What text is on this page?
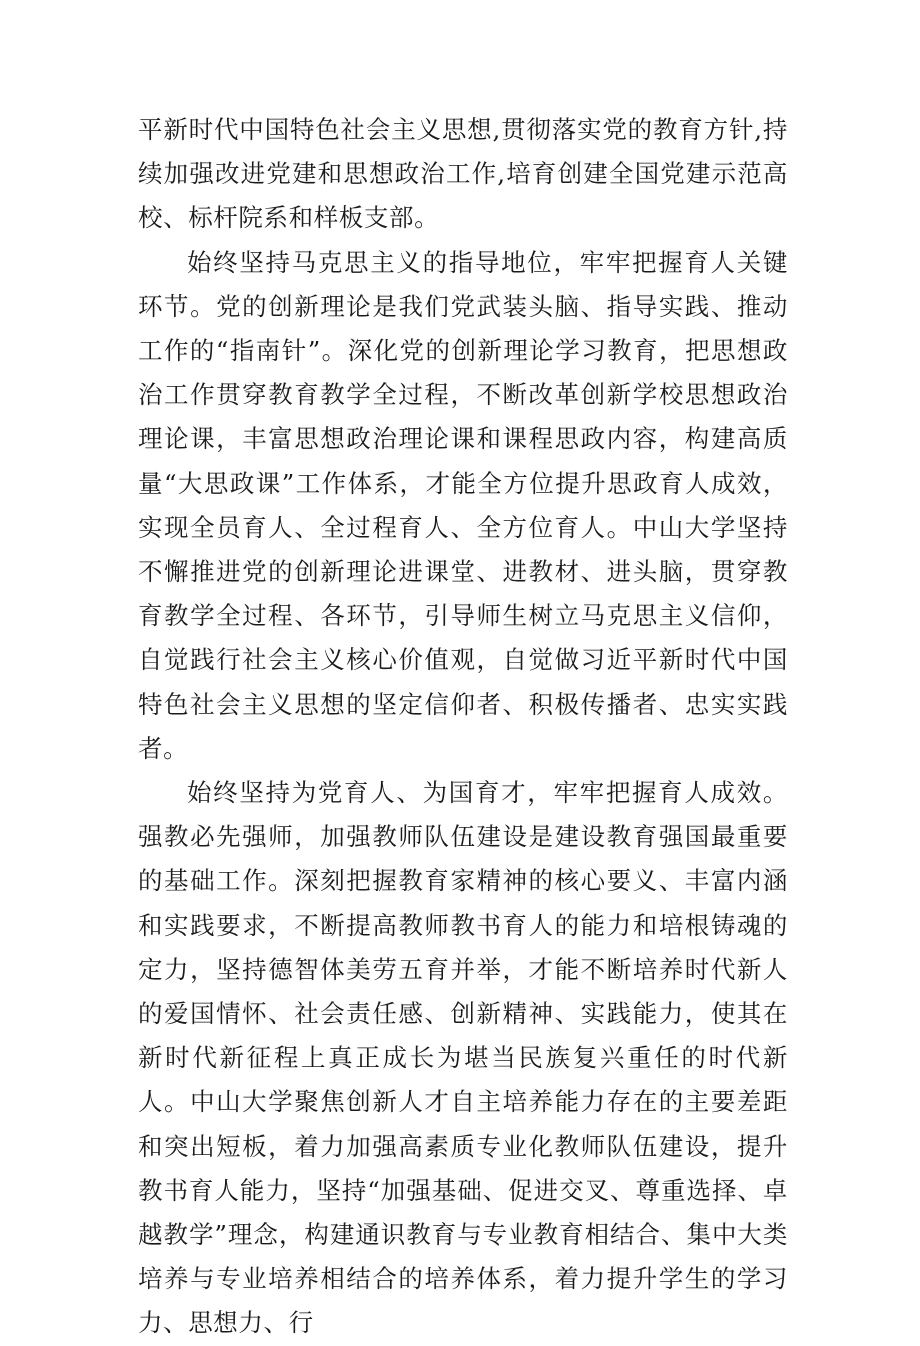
平新时代中国特色社会主义思想,贯彻落实党的教育方针,持续加强改进党建和思想政治工作,培育创建全国党建示范高校、标杆院系和样板支部。

始终坚持马克思主义的指导地位，牢牢把握育人关键环节。党的创新理论是我们党武装头脑、指导实践、推动工作的“指南针”。深化党的创新理论学习教育，把思想政治工作贯穿教育教学全过程，不断改革创新学校思想政治理论课，丰富思想政治理论课和课程思政内容，构建高质量“大思政课”工作体系，才能全方位提升思政育人成效，实现全员育人、全过程育人、全方位育人。中山大学坚持不懈推进党的创新理论进课堂、进教材、进头脑，贯穿教育教学全过程、各环节，引导师生树立马克思主义信仰，自觉践行社会主义核心价值观，自觉做习近平新时代中国特色社会主义思想的坚定信仰者、积极传播者、忠实实践者。

始终坚持为党育人、为国育才，牢牢把握育人成效。强教必先强师，加强教师队伍建设是建设教育强国最重要的基础工作。深刻把握教育家精神的核心要义、丰富内涵和实践要求，不断提高教师教书育人的能力和培根铸魂的定力，坚持德智体美劳五育并举，才能不断培养时代新人的爱国情怀、社会责任感、创新精神、实践能力，使其在新时代新征程上真正成长为堪当民族复兴重任的时代新人。中山大学聚焦创新人才自主培养能力存在的主要差距和突出短板，着力加强高素质专业化教师队伍建设，提升教书育人能力，坚持“加强基础、促进交叉、尊重选择、卓越教学”理念，构建通识教育与专业教育相结合、集中大类培养与专业培养相结合的培养体系，着力提升学生的学习力、思想力、行
